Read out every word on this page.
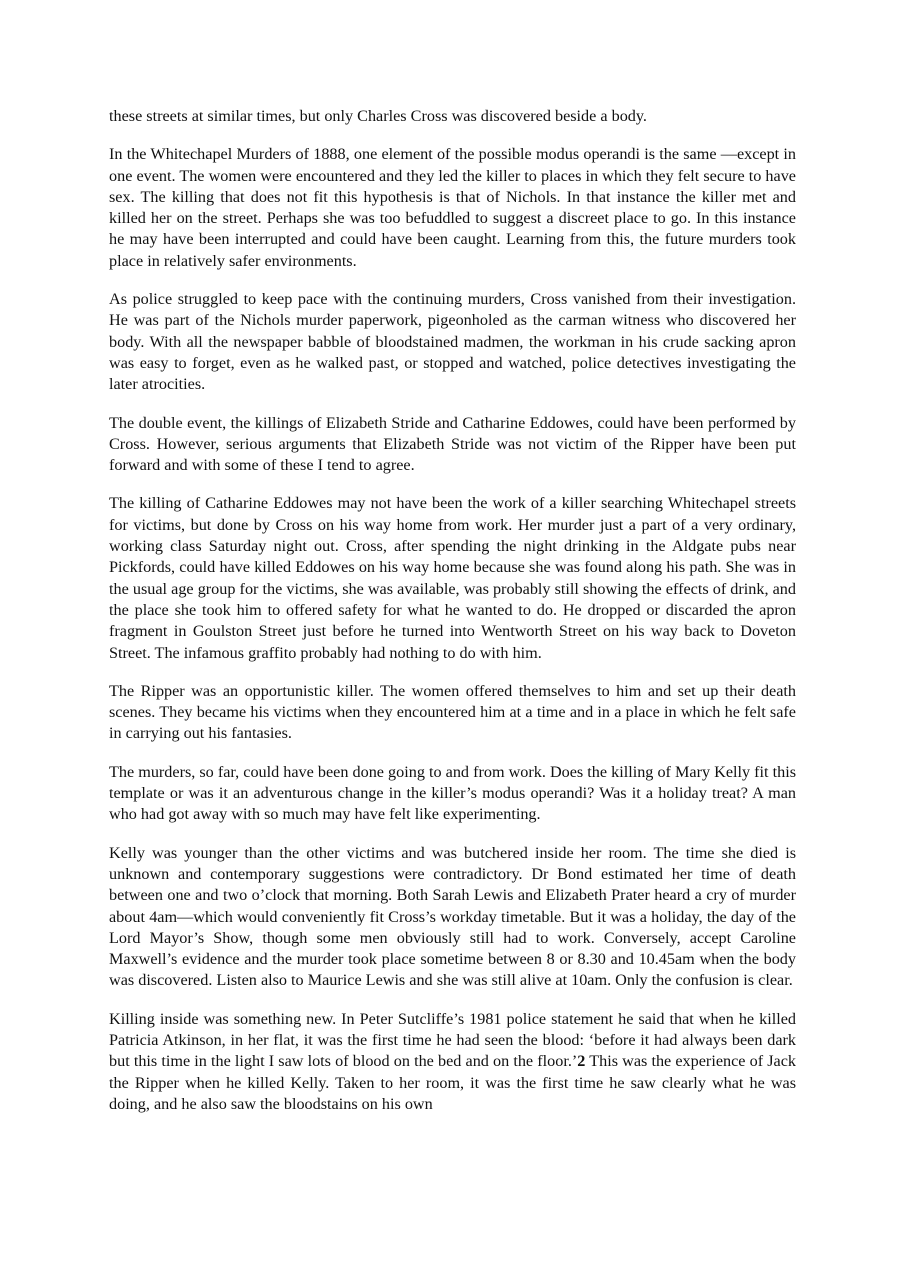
these streets at similar times, but only Charles Cross was discovered beside a body.

In the Whitechapel Murders of 1888, one element of the possible modus operandi is the same —except in one event. The women were encountered and they led the killer to places in which they felt secure to have sex. The killing that does not fit this hypothesis is that of Nichols. In that instance the killer met and killed her on the street. Perhaps she was too befuddled to suggest a discreet place to go. In this instance he may have been interrupted and could have been caught. Learning from this, the future murders took place in relatively safer environments.

As police struggled to keep pace with the continuing murders, Cross vanished from their investigation. He was part of the Nichols murder paperwork, pigeonholed as the carman witness who discovered her body. With all the newspaper babble of bloodstained madmen, the workman in his crude sacking apron was easy to forget, even as he walked past, or stopped and watched, police detectives investigating the later atrocities.

The double event, the killings of Elizabeth Stride and Catharine Eddowes, could have been performed by Cross. However, serious arguments that Elizabeth Stride was not victim of the Ripper have been put forward and with some of these I tend to agree.

The killing of Catharine Eddowes may not have been the work of a killer searching Whitechapel streets for victims, but done by Cross on his way home from work. Her murder just a part of a very ordinary, working class Saturday night out. Cross, after spending the night drinking in the Aldgate pubs near Pickfords, could have killed Eddowes on his way home because she was found along his path. She was in the usual age group for the victims, she was available, was probably still showing the effects of drink, and the place she took him to offered safety for what he wanted to do. He dropped or discarded the apron fragment in Goulston Street just before he turned into Wentworth Street on his way back to Doveton Street. The infamous graffito probably had nothing to do with him.

The Ripper was an opportunistic killer. The women offered themselves to him and set up their death scenes. They became his victims when they encountered him at a time and in a place in which he felt safe in carrying out his fantasies.

The murders, so far, could have been done going to and from work. Does the killing of Mary Kelly fit this template or was it an adventurous change in the killer’s modus operandi? Was it a holiday treat? A man who had got away with so much may have felt like experimenting.

Kelly was younger than the other victims and was butchered inside her room. The time she died is unknown and contemporary suggestions were contradictory. Dr Bond estimated her time of death between one and two o’clock that morning. Both Sarah Lewis and Elizabeth Prater heard a cry of murder about 4am—which would conveniently fit Cross’s workday timetable. But it was a holiday, the day of the Lord Mayor’s Show, though some men obviously still had to work. Conversely, accept Caroline Maxwell’s evidence and the murder took place sometime between 8 or 8.30 and 10.45am when the body was discovered. Listen also to Maurice Lewis and she was still alive at 10am. Only the confusion is clear.

Killing inside was something new. In Peter Sutcliffe’s 1981 police statement he said that when he killed Patricia Atkinson, in her flat, it was the first time he had seen the blood: ‘before it had always been dark but this time in the light I saw lots of blood on the bed and on the floor.’2 This was the experience of Jack the Ripper when he killed Kelly. Taken to her room, it was the first time he saw clearly what he was doing, and he also saw the bloodstains on his own
